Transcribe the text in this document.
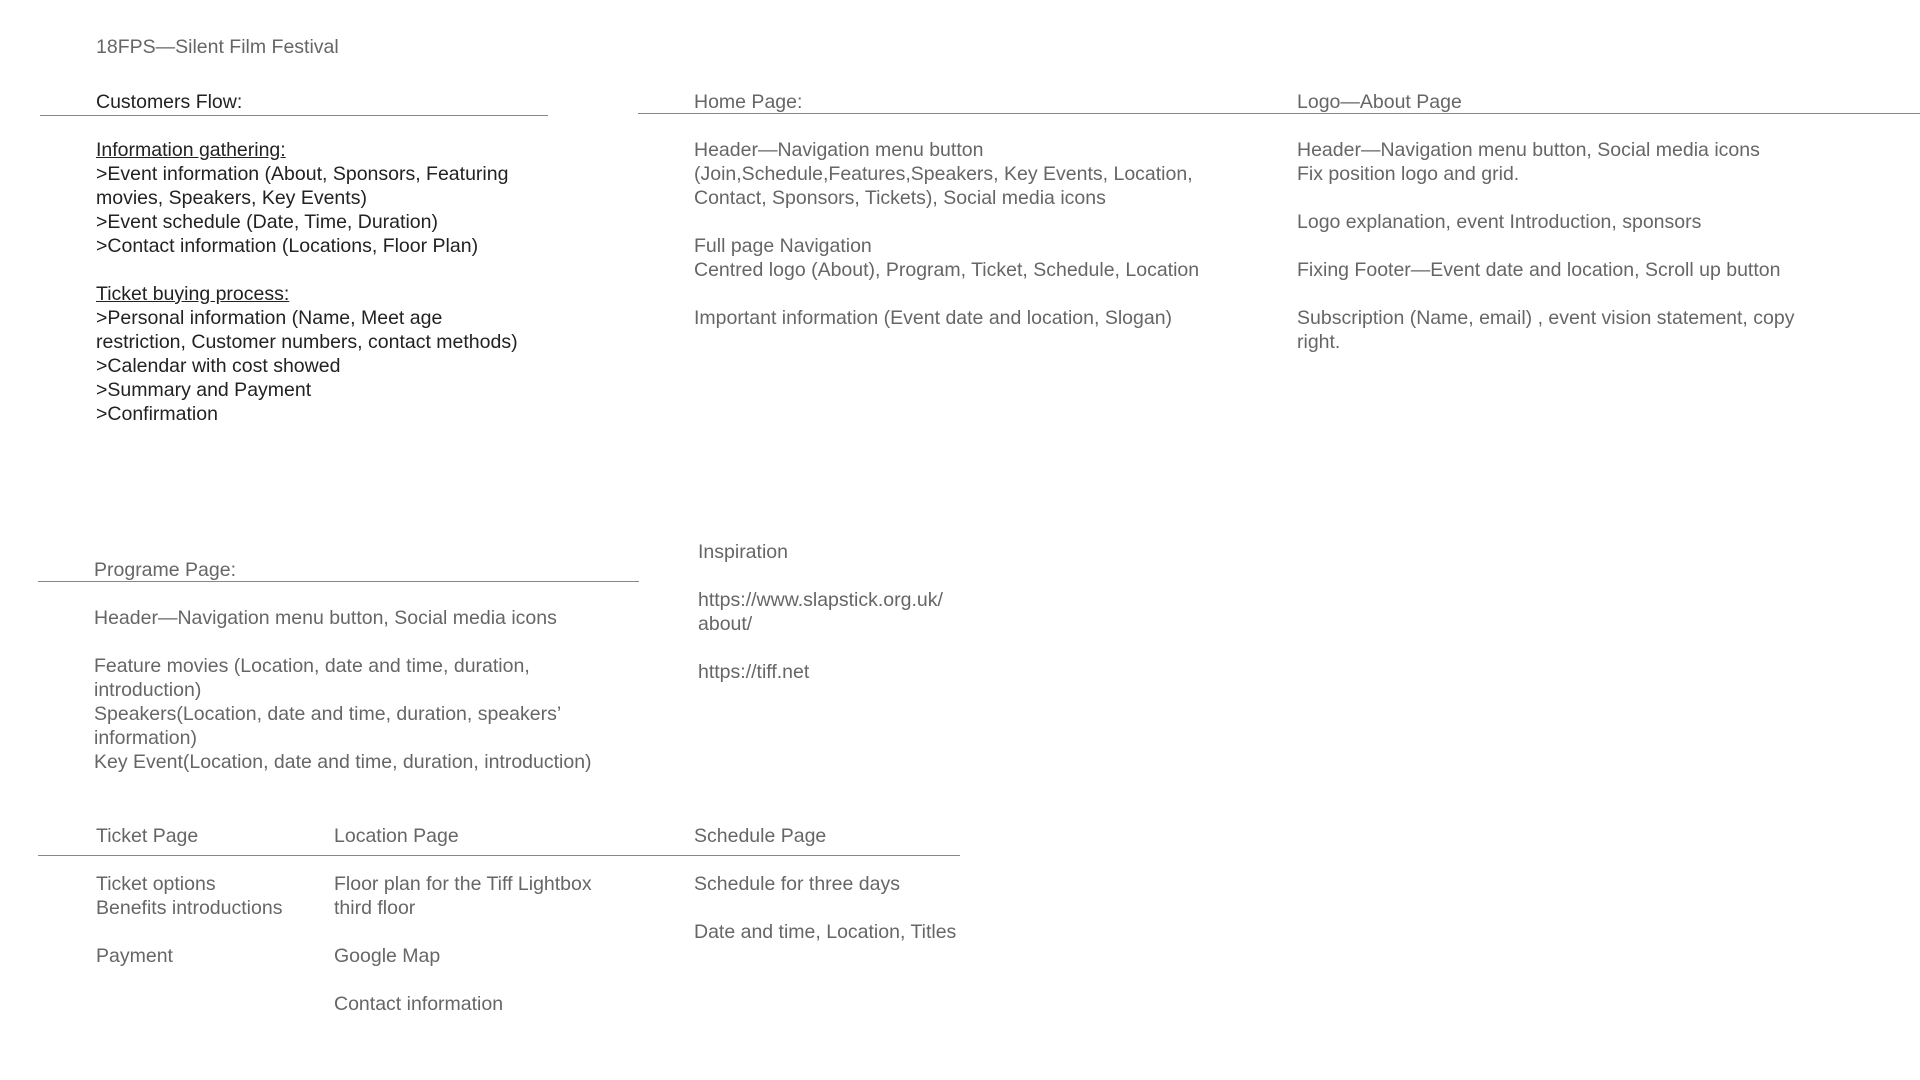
18FPS—Silent Film Festival
Customers Flow:
Information gathering:
>Event information (About, Sponsors, Featuring
movies, Speakers, Key Events)
>Event schedule (Date, Time, Duration)
>Contact information (Locations, Floor Plan)
Ticket buying process:
>Personal information (Name, Meet age
restriction, Customer numbers, contact methods)
>Calendar with cost showed
>Summary and Payment
>Confirmation
Home Page:
Header—Navigation menu button
(Join,Schedule,Features,Speakers, Key Events, Location,
Contact, Sponsors, Tickets), Social media icons
Full page Navigation
Centred logo (About), Program, Ticket, Schedule, Location
Important information (Event date and location, Slogan)
Logo—About Page
Header—Navigation menu button, Social media icons
Fix position logo and grid.
Logo explanation, event Introduction, sponsors
Fixing Footer—Event date and location, Scroll up button
Subscription (Name, email) , event vision statement, copy
right.
Programe Page:
Header—Navigation menu button, Social media icons
Feature movies (Location, date and time, duration,
introduction)
Speakers(Location, date and time, duration, speakers’
information)
Key Event(Location, date and time, duration, introduction)
Inspiration
https://www.slapstick.org.uk/
about/
https://tiff.net
Ticket Page
Ticket options
Benefits introductions
Payment
Location Page
Floor plan for the Tiff Lightbox
third floor
Google Map
Contact information
Schedule Page
Schedule for three days
Date and time, Location, Titles
